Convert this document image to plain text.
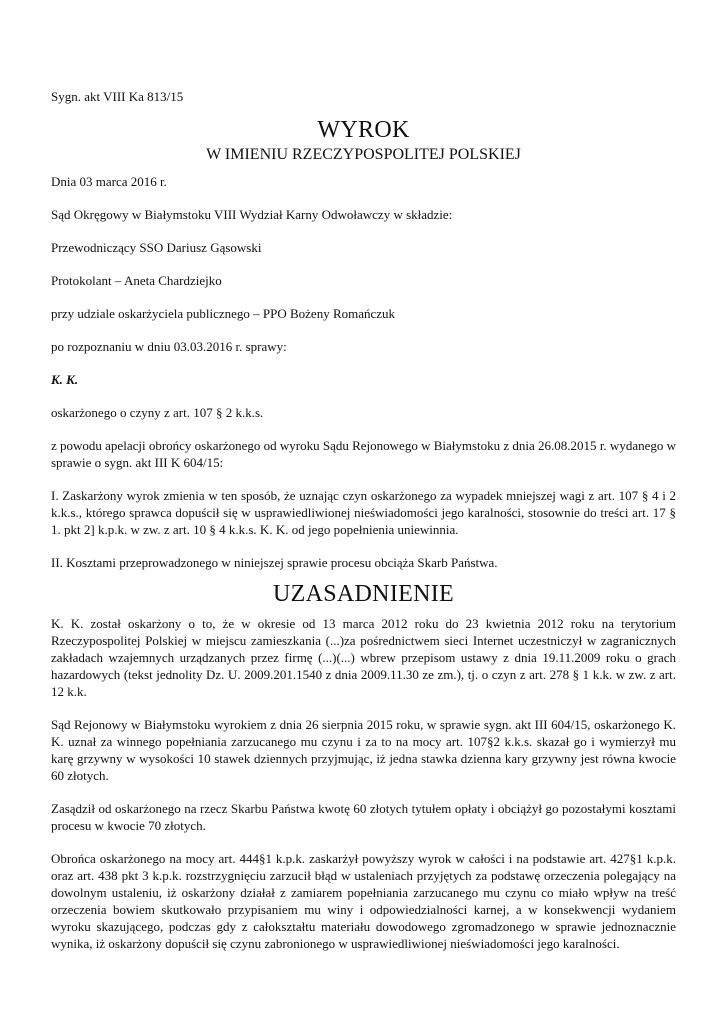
Sygn. akt VIII Ka 813/15
WYROK
W IMIENIU RZECZYPOSPOLITEJ POLSKIEJ
Dnia 03 marca 2016 r.
Sąd Okręgowy w Białymstoku VIII Wydział Karny Odwoławczy w składzie:
Przewodniczący SSO Dariusz Gąsowski
Protokolant – Aneta Chardziejko
przy udziale oskarżyciela publicznego – PPO Bożeny Romańczuk
po rozpoznaniu w dniu 03.03.2016 r. sprawy:
K. K.
oskarżonego o czyny z art. 107 § 2 k.k.s.
z powodu apelacji obrońcy oskarżonego od wyroku Sądu Rejonowego w Białymstoku z dnia 26.08.2015 r. wydanego w sprawie o sygn. akt III K 604/15:
I. Zaskarżony wyrok zmienia w ten sposób, że uznając czyn oskarżonego za wypadek mniejszej wagi z art. 107 § 4 i 2 k.k.s., którego sprawca dopuścił się w usprawiedliwionej nieświadomości jego karalności, stosownie do treści art. 17 § 1. pkt 2] k.p.k. w zw. z art. 10 § 4 k.k.s. K. K. od jego popełnienia uniewinnia.
II. Kosztami przeprowadzonego w niniejszej sprawie procesu obciąża Skarb Państwa.
UZASADNIENIE
K. K. został oskarżony o to, że w okresie od 13 marca 2012 roku do 23 kwietnia 2012 roku na terytorium Rzeczypospolitej Polskiej w miejscu zamieszkania (...)za pośrednictwem sieci Internet uczestniczył w zagranicznych zakładach wzajemnych urządzanych przez firmę (...)(...) wbrew przepisom ustawy z dnia 19.11.2009 roku o grach hazardowych (tekst jednolity Dz. U. 2009.201.1540 z dnia 2009.11.30 ze zm.), tj. o czyn z art. 278 § 1 k.k. w zw. z art. 12 k.k.
Sąd Rejonowy w Białymstoku wyrokiem z dnia 26 sierpnia 2015 roku, w sprawie sygn. akt III 604/15, oskarżonego K. K. uznał za winnego popełniania zarzucanego mu czynu i za to na mocy art. 107§2 k.k.s. skazał go i wymierzył mu karę grzywny w wysokości 10 stawek dziennych przyjmując, iż jedna stawka dzienna kary grzywny jest równa kwocie 60 złotych.
Zasądził od oskarżonego na rzecz Skarbu Państwa kwotę 60 złotych tytułem opłaty i obciążył go pozostałymi kosztami procesu w kwocie 70 złotych.
Obrońca oskarżonego na mocy art. 444§1 k.p.k. zaskarżył powyższy wyrok w całości i na podstawie art. 427§1 k.p.k. oraz art. 438 pkt 3 k.p.k. rozstrzygnięciu zarzucił błąd w ustaleniach przyjętych za podstawę orzeczenia polegający na dowolnym ustaleniu, iż oskarżony działał z zamiarem popełniania zarzucanego mu czynu co miało wpływ na treść orzeczenia bowiem skutkowało przypisaniem mu winy i odpowiedzialności karnej, a w konsekwencji wydaniem wyroku skazującego, podczas gdy z całokształtu materiału dowodowego zgromadzonego w sprawie jednoznacznie wynika, iż oskarżony dopuścił się czynu zabronionego w usprawiedliwionej nieświadomości jego karalności.
